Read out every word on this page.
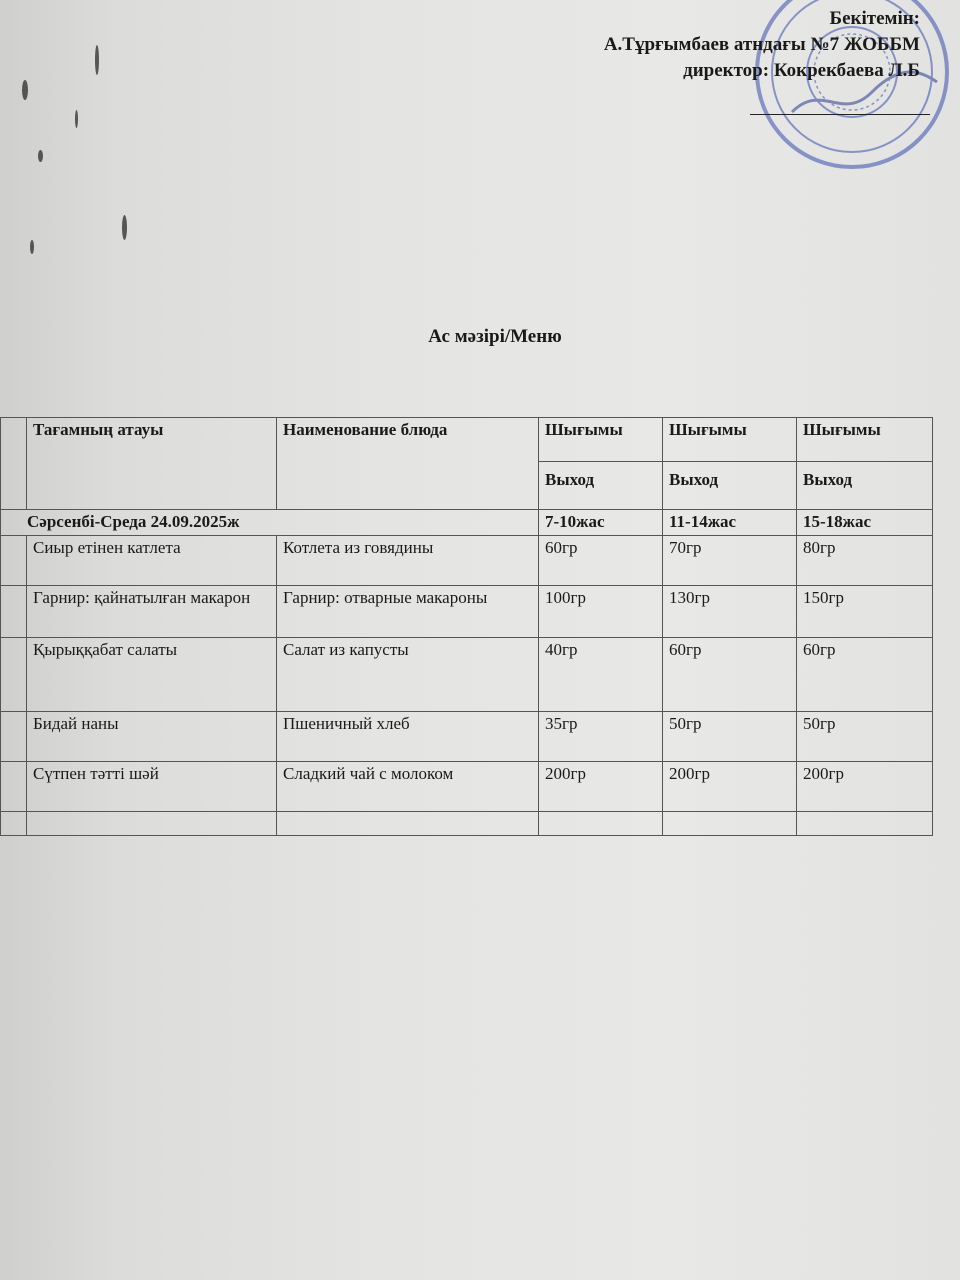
Бекітемін:
А.Тұрғымбаев атндағы №7 ЖОББМ
директор: Кокрекбаева Л.Б
Ас мәзірі/Меню
	Тағамның атауы	Наименование блюда	Шығымы	Шығымы	Шығымы
			Выход	Выход	Выход
Сәрсенбі-Среда 24.09.2025ж			7-10жас	11-14жас	15-18жас
	Сиыр етінен катлета	Котлета из говядины	60гр	70гр	80гр
	Гарнир: қайнатылған макарон	Гарнир: отварные макароны	100гр	130гр	150гр
	Қырыққабат салаты	Салат из капусты	40гр	60гр	60гр
	Бидай наны	Пшеничный хлеб	35гр	50гр	50гр
	Сүтпен тәтті шәй	Сладкий чай с молоком	200гр	200гр	200гр
